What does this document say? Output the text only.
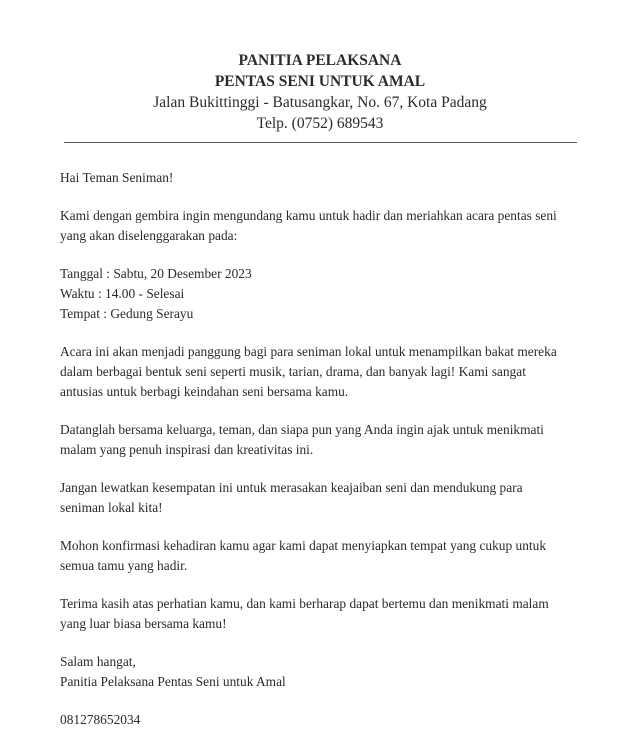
PANITIA PELAKSANA
PENTAS SENI UNTUK AMAL
Jalan Bukittinggi - Batusangkar, No. 67, Kota Padang
Telp. (0752) 689543

Hai Teman Seniman!

Kami dengan gembira ingin mengundang kamu untuk hadir dan meriahkan acara pentas seni
yang akan diselenggarakan pada:

Tanggal : Sabtu, 20 Desember 2023
Waktu : 14.00 - Selesai
Tempat : Gedung Serayu

Acara ini akan menjadi panggung bagi para seniman lokal untuk menampilkan bakat mereka
dalam berbagai bentuk seni seperti musik, tarian, drama, dan banyak lagi! Kami sangat
antusias untuk berbagi keindahan seni bersama kamu.

Datanglah bersama keluarga, teman, dan siapa pun yang Anda ingin ajak untuk menikmati
malam yang penuh inspirasi dan kreativitas ini.

Jangan lewatkan kesempatan ini untuk merasakan keajaiban seni dan mendukung para
seniman lokal kita!

Mohon konfirmasi kehadiran kamu agar kami dapat menyiapkan tempat yang cukup untuk
semua tamu yang hadir.

Terima kasih atas perhatian kamu, dan kami berharap dapat bertemu dan menikmati malam
yang luar biasa bersama kamu!

Salam hangat,
Panitia Pelaksana Pentas Seni untuk Amal

081278652034
